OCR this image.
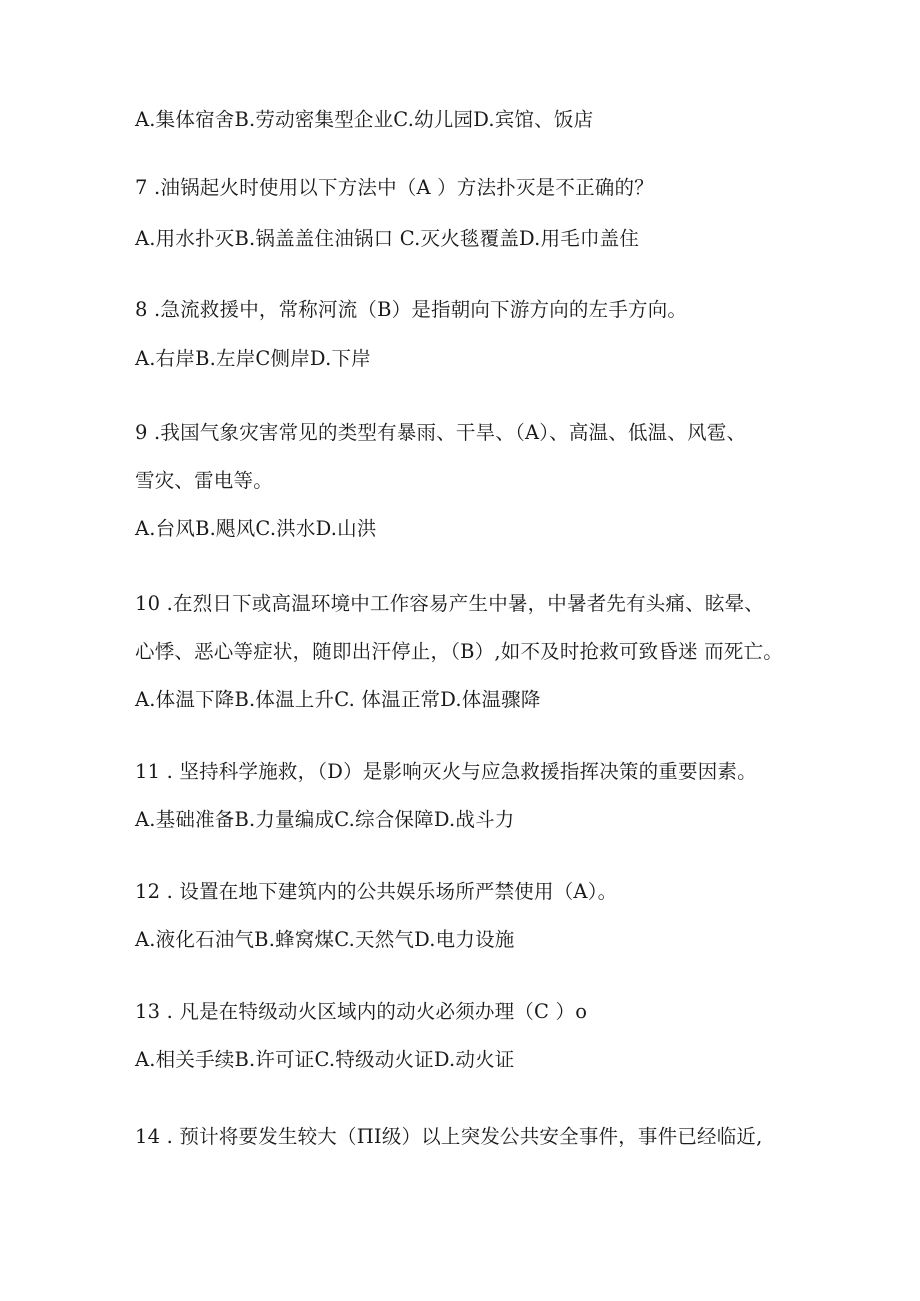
A.集体宿舍B.劳动密集型企业C.幼儿园D.宾馆、饭店
7 .油锅起火时使用以下方法中（A ）方法扑灭是不正确的？
A.用水扑灭B.锅盖盖住油锅口 C.灭火毯覆盖D.用毛巾盖住
8 .急流救援中，常称河流（B）是指朝向下游方向的左手方向。
A.右岸B.左岸C侧岸D.下岸
9 .我国气象灾害常见的类型有暴雨、干旱、（A）、高温、低温、风雹、
雪灾、雷电等。
A.台风B.飓风C.洪水D.山洪
10 .在烈日下或高温环境中工作容易产生中暑，中暑者先有头痛、眩晕、
心悸、恶心等症状，随即出汗停止，（B）,如不及时抢救可致昏迷 而死亡。
A.体温下降B.体温上升C. 体温正常D.体温骤降
11 . 坚持科学施救，（D）是影响灭火与应急救援指挥决策的重要因素。
A.基础准备B.力量编成C.综合保障D.战斗力
12 . 设置在地下建筑内的公共娱乐场所严禁使用（A）。
A.液化石油气B.蜂窝煤C.天然气D.电力设施
13 . 凡是在特级动火区域内的动火必须办理（C ）o
A.相关手续B.许可证C.特级动火证D.动火证
14 . 预计将要发生较大（ΠI级）以上突发公共安全事件，事件已经临近,
